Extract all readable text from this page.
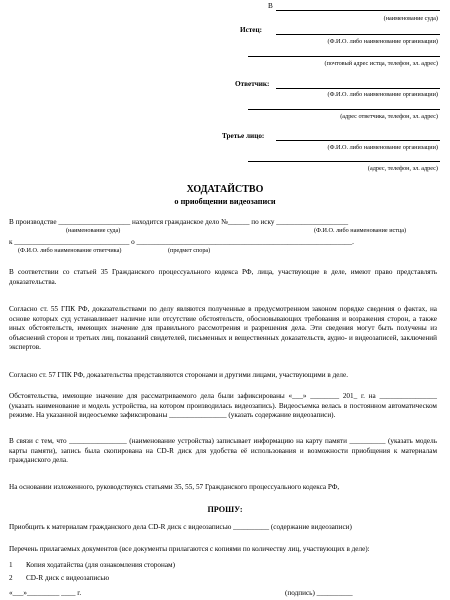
В
(наименование суда)
Истец:
(Ф.И.О. либо наименование организации)
(почтовый адрес истца, телефон, эл. адрес)
Ответчик:
(Ф.И.О. либо наименование организации)
(адрес ответчика, телефон, эл. адрес)
Третье лицо:
(Ф.И.О. либо наименование организации)
(адрес, телефон, эл. адрес)
ХОДАТАЙСТВО
о приобщении видеозаписи
В производстве ____________________ находится гражданское дело №______ по иску ____________________
(наименование суда)	(Ф.И.О. либо наименование истца)
к ________________________________ о ____________________________________________________________.
(Ф.И.О. либо наименование ответчика)	(предмет спора)
В соответствии со статьей 35 Гражданского процессуального кодекса РФ, лица, участвующие в деле, имеют право представлять доказательства.
Согласно ст. 55 ГПК РФ, доказательствами по делу являются полученные в предусмотренном законом порядке сведения о фактах, на основе которых суд устанавливает наличие или отсутствие обстоятельств, обосновывающих требования и возражения сторон, а также иных обстоятельств, имеющих значение для правильного рассмотрения и разрешения дела. Эти сведения могут быть получены из объяснений сторон и третьих лиц, показаний свидетелей, письменных и вещественных доказательств, аудио- и видеозаписей, заключений экспертов.
Согласно ст. 57 ГПК РФ, доказательства представляются сторонами и другими лицами, участвующими в деле.
Обстоятельства, имеющие значение для рассматриваемого дела были зафиксированы «___» ________ 201_ г. на ________________ (указать наименование и модель устройства, на котором производилась видеозапись). Видеосъемка велась в постоянном автоматическом режиме. На указанной видеосъемке зафиксированы ________________ (указать содержание видеозаписи).
В связи с тем, что ________________ (наименование устройства) записывает информацию на карту памяти __________ (указать модель карты памяти), запись была скопирована на CD-R диск для удобства её использования и возможности приобщения к материалам гражданского дела.
На основании изложенного, руководствуясь статьями 35, 55, 57 Гражданского процессуального кодекса РФ,
ПРОШУ:
Приобщить к материалам гражданского дела CD-R диск с видеозаписью __________ (содержание видеозаписи)
Перечень прилагаемых документов (все документы прилагаются с копиями по количеству лиц, участвующих в деле):
1 Копия ходатайства (для ознакомления сторонам)
2 CD-R диск с видеозаписью
«___»_________ ____ г.	(подпись) __________
